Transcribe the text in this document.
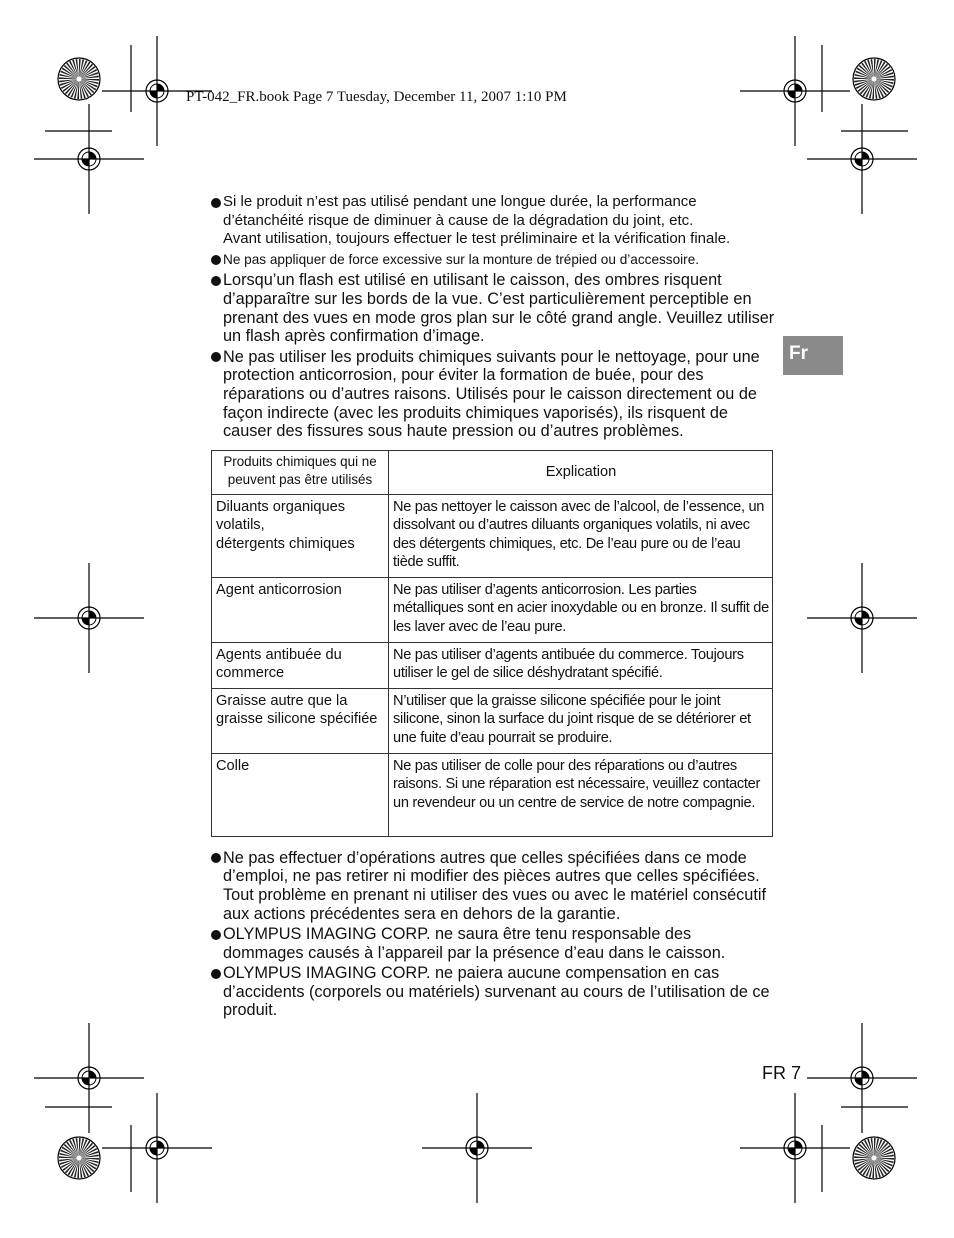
PT-042_FR.book Page 7 Tuesday, December 11, 2007 1:10 PM
Fr

Si le produit n’est pas utilisé pendant une longue durée, la performance d’étanchéité risque de diminuer à cause de la dégradation du joint, etc.

Avant utilisation, toujours effectuer le test préliminaire et la vérification finale.

Ne pas appliquer de force excessive sur la monture de trépied ou d’accessoire.

Lorsqu’un flash est utilisé en utilisant le caisson, des ombres risquent d’apparaître sur les bords de la vue. C’est particulièrement perceptible en prenant des vues en mode gros plan sur le côté grand angle. Veuillez utiliser un flash après confirmation d’image.

Ne pas utiliser les produits chimiques suivants pour le nettoyage, pour une protection anticorrosion, pour éviter la formation de buée, pour des réparations ou d’autres raisons. Utilisés pour le caisson directement ou de façon indirecte (avec les produits chimiques vaporisés), ils risquent de causer des fissures sous haute pression ou d’autres problèmes.

Produits chimiques qui ne peuvent pas être utilisés	Explication
Diluants organiques volatils,
détergents chimiques	Ne pas nettoyer le caisson avec de l’alcool, de l’essence, un dissolvant ou d’autres diluants organiques volatils, ni avec des détergents chimiques, etc. De l’eau pure ou de l’eau tiède suffit.
Agent anticorrosion	Ne pas utiliser d’agents anticorrosion. Les parties métalliques sont en acier inoxydable ou en bronze. Il suffit de les laver avec de l’eau pure.
Agents antibuée du commerce	Ne pas utiliser d’agents antibuée du commerce. Toujours utiliser le gel de silice déshydratant spécifié.
Graisse autre que la graisse silicone spécifiée	N’utiliser que la graisse silicone spécifiée pour le joint silicone, sinon la surface du joint risque de se détériorer et une fuite d’eau pourrait se produire.
Colle	Ne pas utiliser de colle pour des réparations ou d’autres raisons. Si une réparation est nécessaire, veuillez contacter un revendeur ou un centre de service de notre compagnie.

Ne pas effectuer d’opérations autres que celles spécifiées dans ce mode d’emploi, ne pas retirer ni modifier des pièces autres que celles spécifiées.

Tout problème en prenant ni utiliser des vues ou avec le matériel consécutif aux actions précédentes sera en dehors de la garantie.

OLYMPUS IMAGING CORP. ne saura être tenu responsable des dommages causés à l’appareil par la présence d’eau dans le caisson.

OLYMPUS IMAGING CORP. ne paiera aucune compensation en cas d’accidents (corporels ou matériels) survenant au cours de l’utilisation de ce produit.

FR 7
